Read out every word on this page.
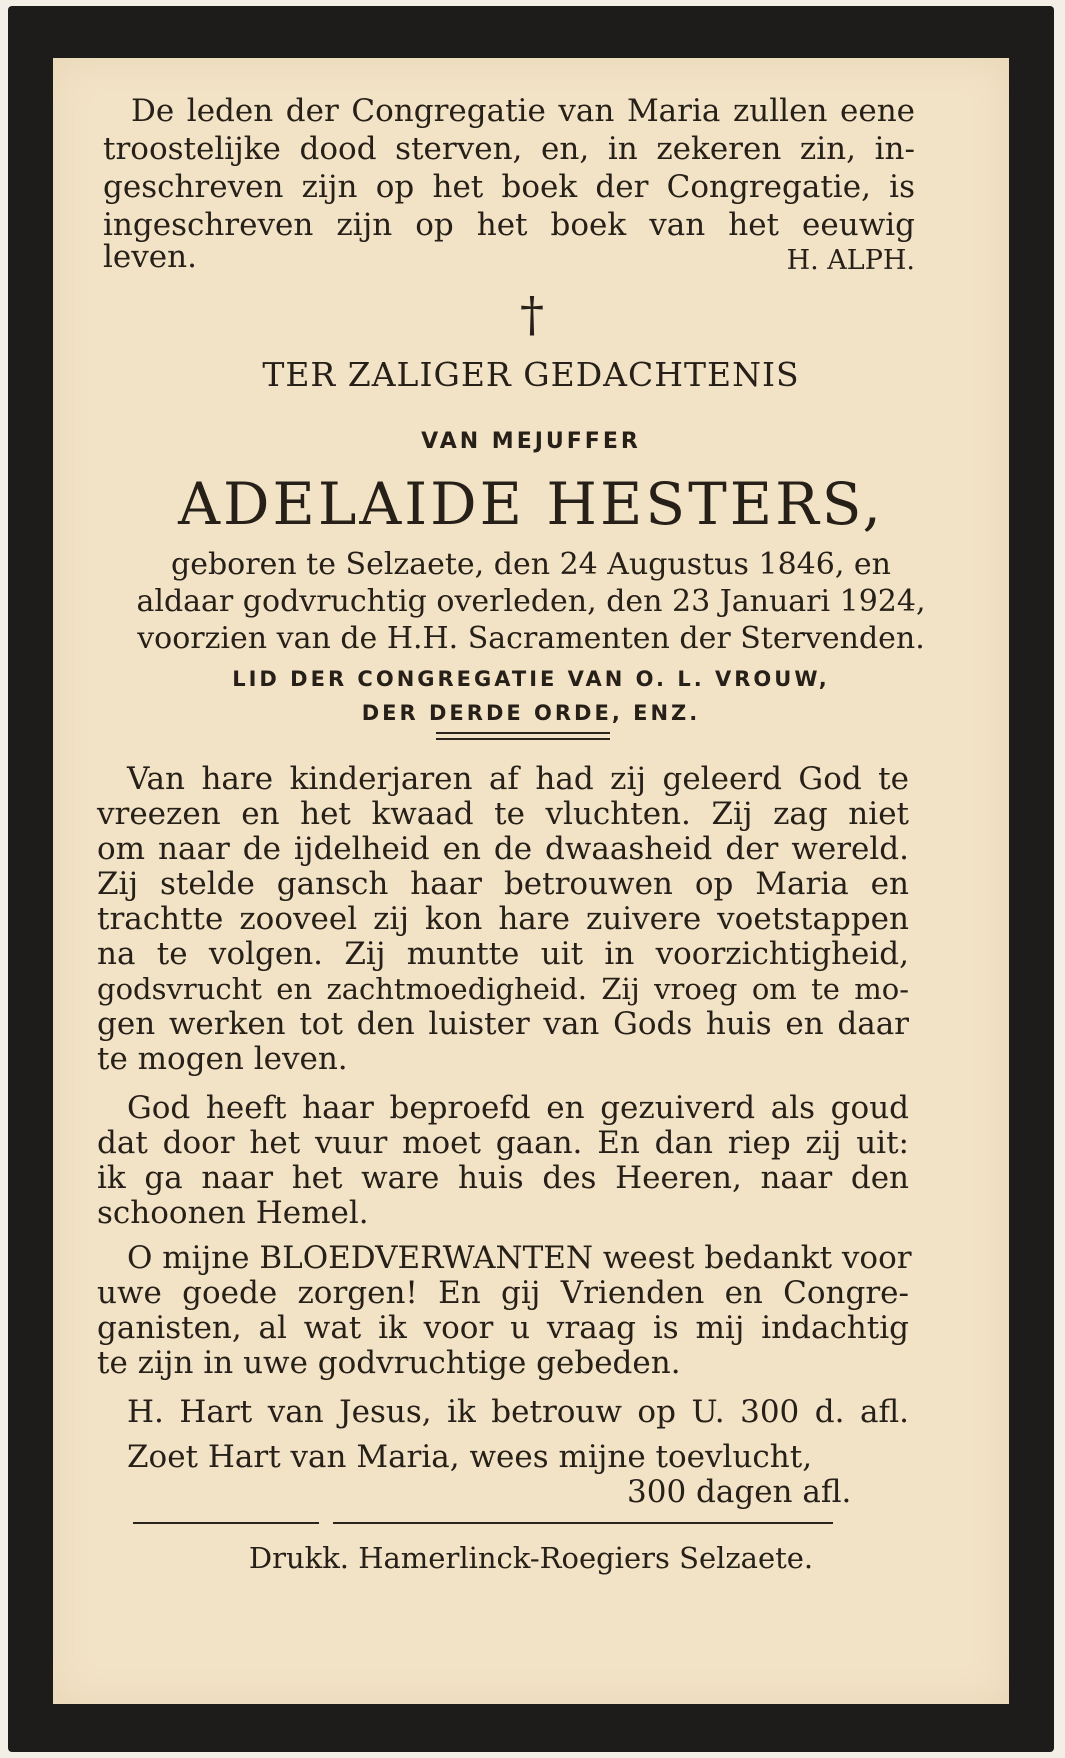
De leden der Congregatie van Maria zullen eene
troostelijke dood sterven, en, in zekeren zin, in-
geschreven zijn op het boek der Congregatie, is
ingeschreven zijn op het boek van het eeuwig
leven.	H. ALPH.
†
TER ZALIGER GEDACHTENIS
VAN MEJUFFER
ADELAIDE HESTERS,
geboren te Selzaete, den 24 Augustus 1846, en
aldaar godvruchtig overleden, den 23 Januari 1924,
voorzien van de H.H. Sacramenten der Stervenden.
LID DER CONGREGATIE VAN O. L. VROUW,
DER DERDE ORDE, ENZ.
Van hare kinderjaren af had zij geleerd God te
vreezen en het kwaad te vluchten. Zij zag niet
om naar de ijdelheid en de dwaasheid der wereld.
Zij stelde gansch haar betrouwen op Maria en
trachtte zooveel zij kon hare zuivere voetstappen
na te volgen. Zij muntte uit in voorzichtigheid,
godsvrucht en zachtmoedigheid. Zij vroeg om te mo-
gen werken tot den luister van Gods huis en daar
te mogen leven.
God heeft haar beproefd en gezuiverd als goud
dat door het vuur moet gaan. En dan riep zij uit:
ik ga naar het ware huis des Heeren, naar den
schoonen Hemel.
O mijne BLOEDVERWANTEN weest bedankt voor
uwe goede zorgen! En gij Vrienden en Congre-
ganisten, al wat ik voor u vraag is mij indachtig
te zijn in uwe godvruchtige gebeden.
H. Hart van Jesus, ik betrouw op U. 300 d. afl.
Zoet Hart van Maria, wees mijne toevlucht,
300 dagen afl.
Drukk. Hamerlinck-Roegiers Selzaete.
